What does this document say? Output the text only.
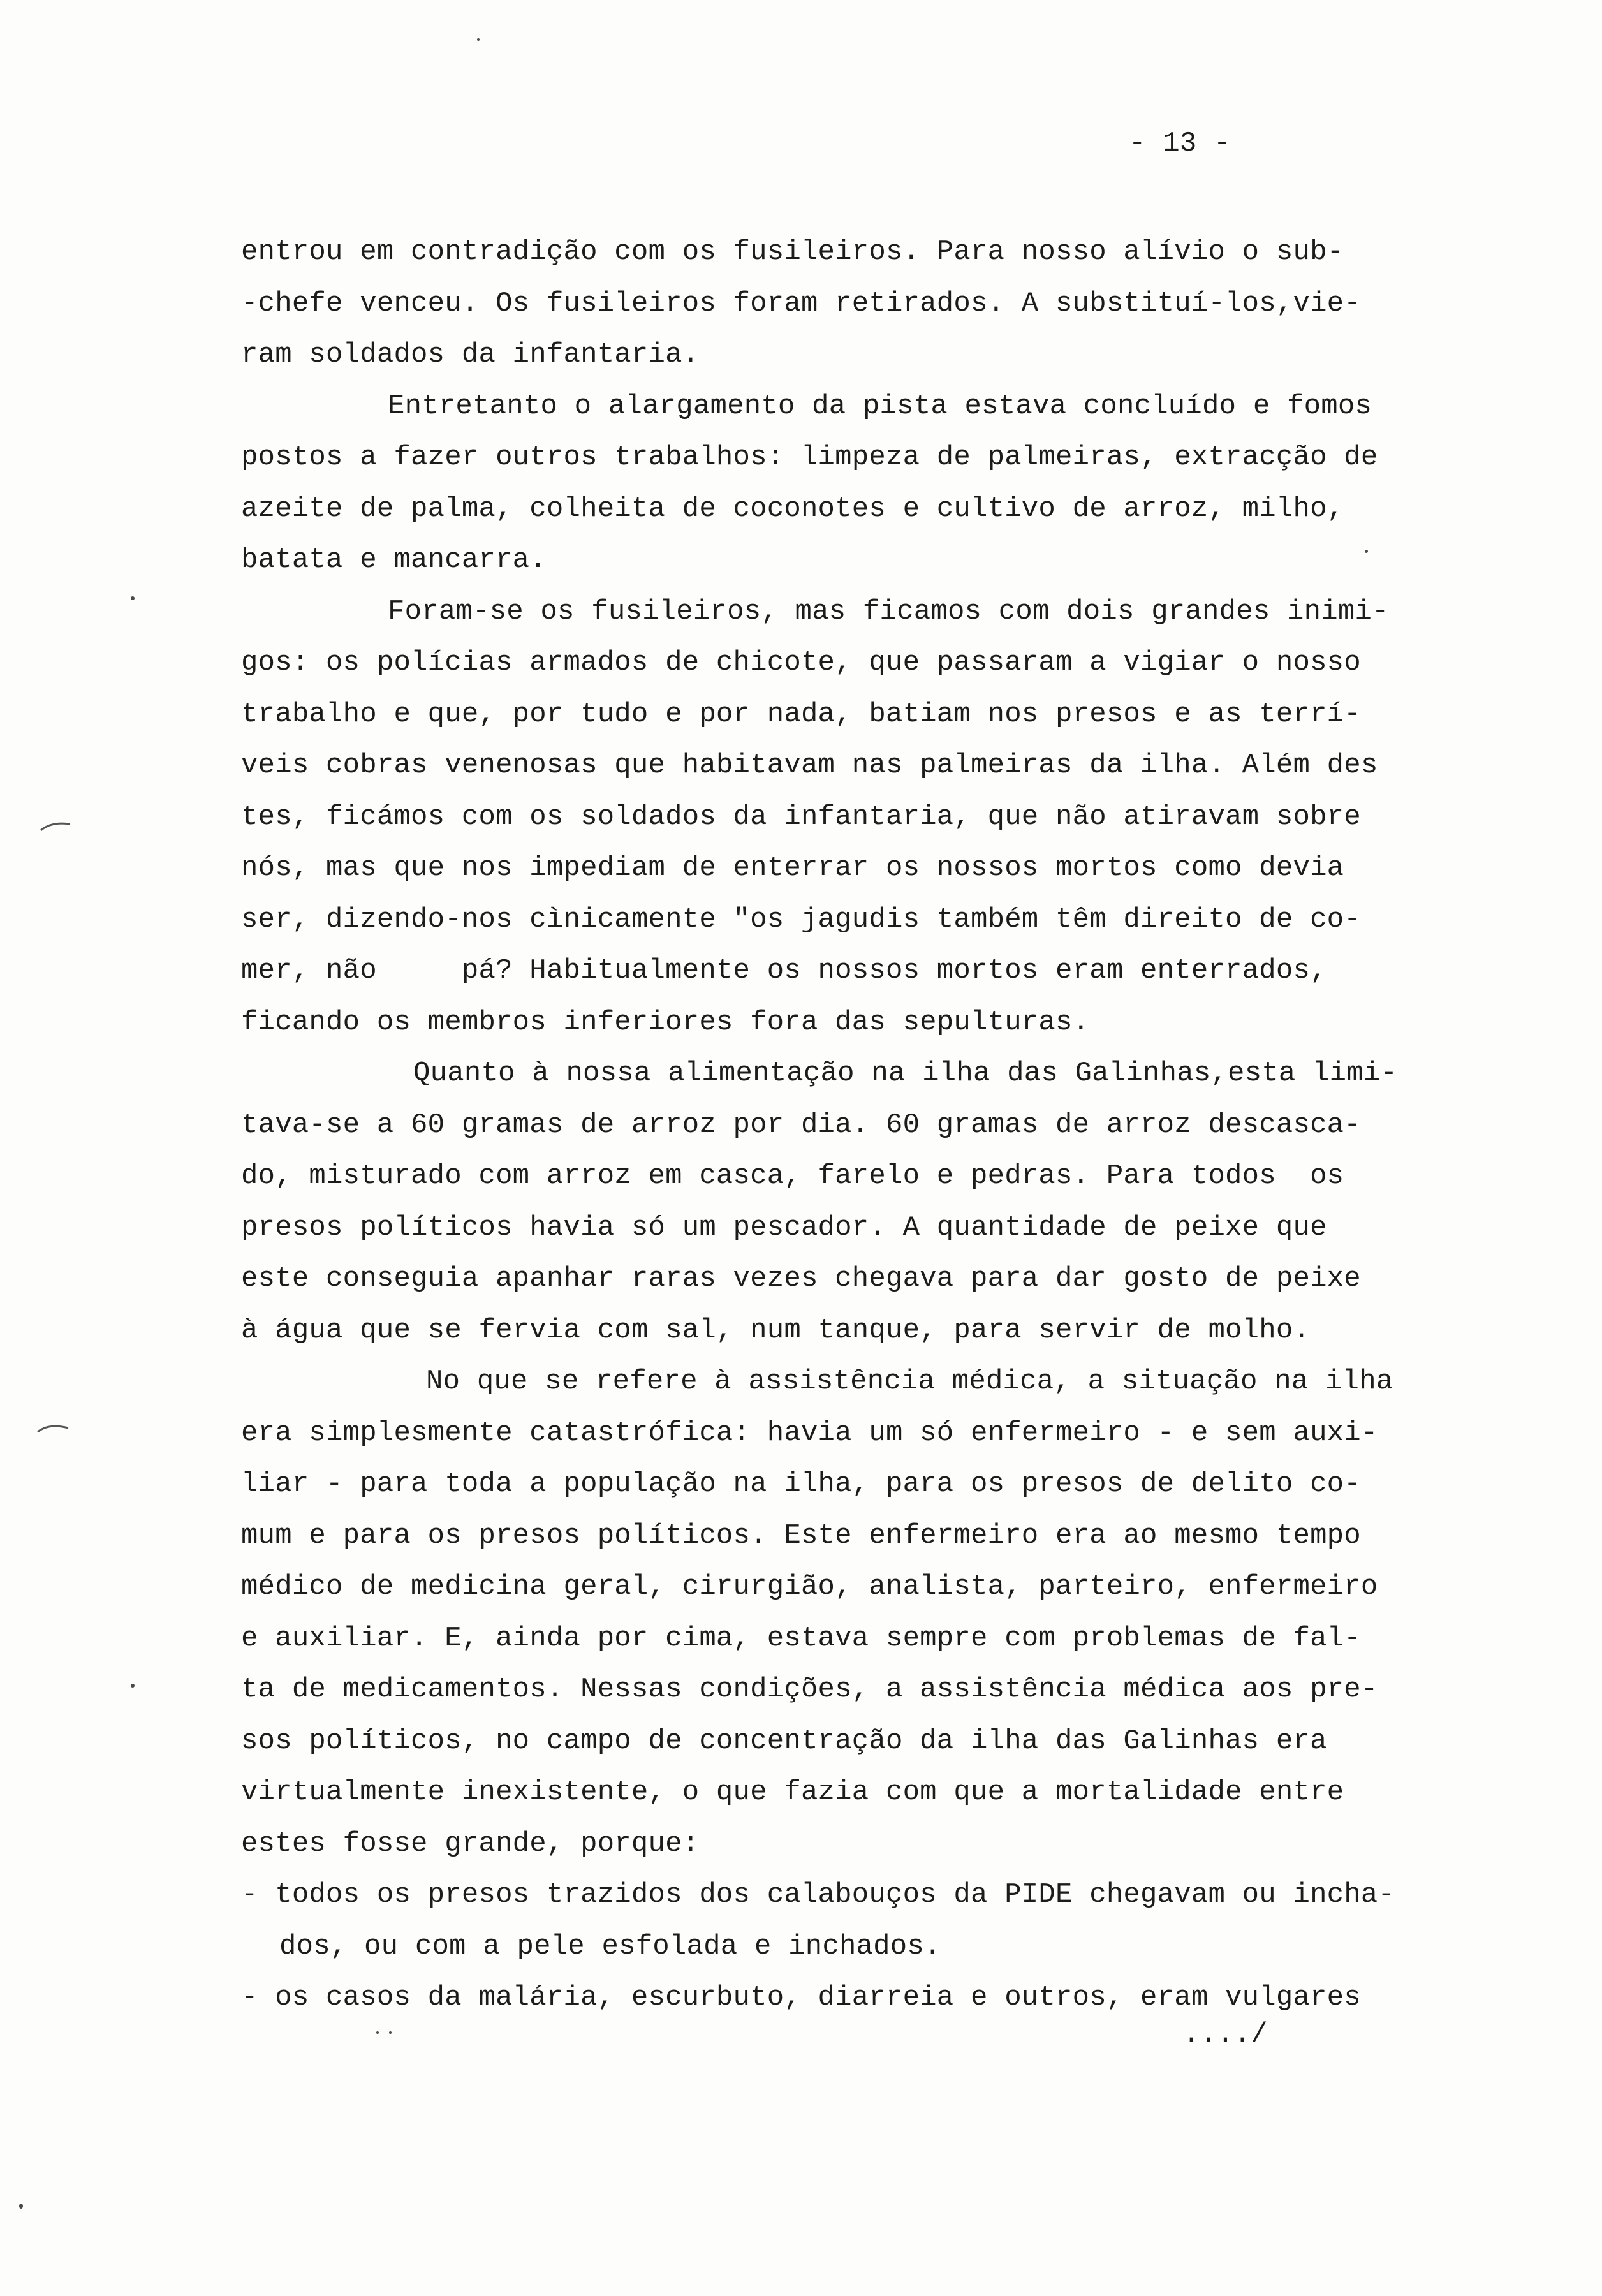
- 13 -
entrou em contradição com os fusileiros. Para nosso alívio o sub-
-chefe venceu. Os fusileiros foram retirados. A substituí-los,vie-
ram soldados da infantaria.
Entretanto o alargamento da pista estava concluído e fomos
postos a fazer outros trabalhos: limpeza de palmeiras, extracção de
azeite de palma, colheita de coconotes e cultivo de arroz, milho,
batata e mancarra.
Foram-se os fusileiros, mas ficamos com dois grandes inimi-
gos: os polícias armados de chicote, que passaram a vigiar o nosso
trabalho e que, por tudo e por nada, batiam nos presos e as terrí-
veis cobras venenosas que habitavam nas palmeiras da ilha. Além des
tes, ficámos com os soldados da infantaria, que não atiravam sobre
nós, mas que nos impediam de enterrar os nossos mortos como devia
ser, dizendo-nos cìnicamente "os jagudis também têm direito de co-
mer, não     pá? Habitualmente os nossos mortos eram enterrados,
ficando os membros inferiores fora das sepulturas.
Quanto à nossa alimentação na ilha das Galinhas,esta limi-
tava-se a 60 gramas de arroz por dia. 60 gramas de arroz descasca-
do, misturado com arroz em casca, farelo e pedras. Para todos  os
presos políticos havia só um pescador. A quantidade de peixe que
este conseguia apanhar raras vezes chegava para dar gosto de peixe
à água que se fervia com sal, num tanque, para servir de molho.
No que se refere à assistência médica, a situação na ilha
era simplesmente catastrófica: havia um só enfermeiro - e sem auxi-
liar - para toda a população na ilha, para os presos de delito co-
mum e para os presos políticos. Este enfermeiro era ao mesmo tempo
médico de medicina geral, cirurgião, analista, parteiro, enfermeiro
e auxiliar. E, ainda por cima, estava sempre com problemas de fal-
ta de medicamentos. Nessas condições, a assistência médica aos pre-
sos políticos, no campo de concentração da ilha das Galinhas era
virtualmente inexistente, o que fazia com que a mortalidade entre
estes fosse grande, porque:
- todos os presos trazidos dos calabouços da PIDE chegavam ou incha-
dos, ou com a pele esfolada e inchados.
- os casos da malária, escurbuto, diarreia e outros, eram vulgares
..../
